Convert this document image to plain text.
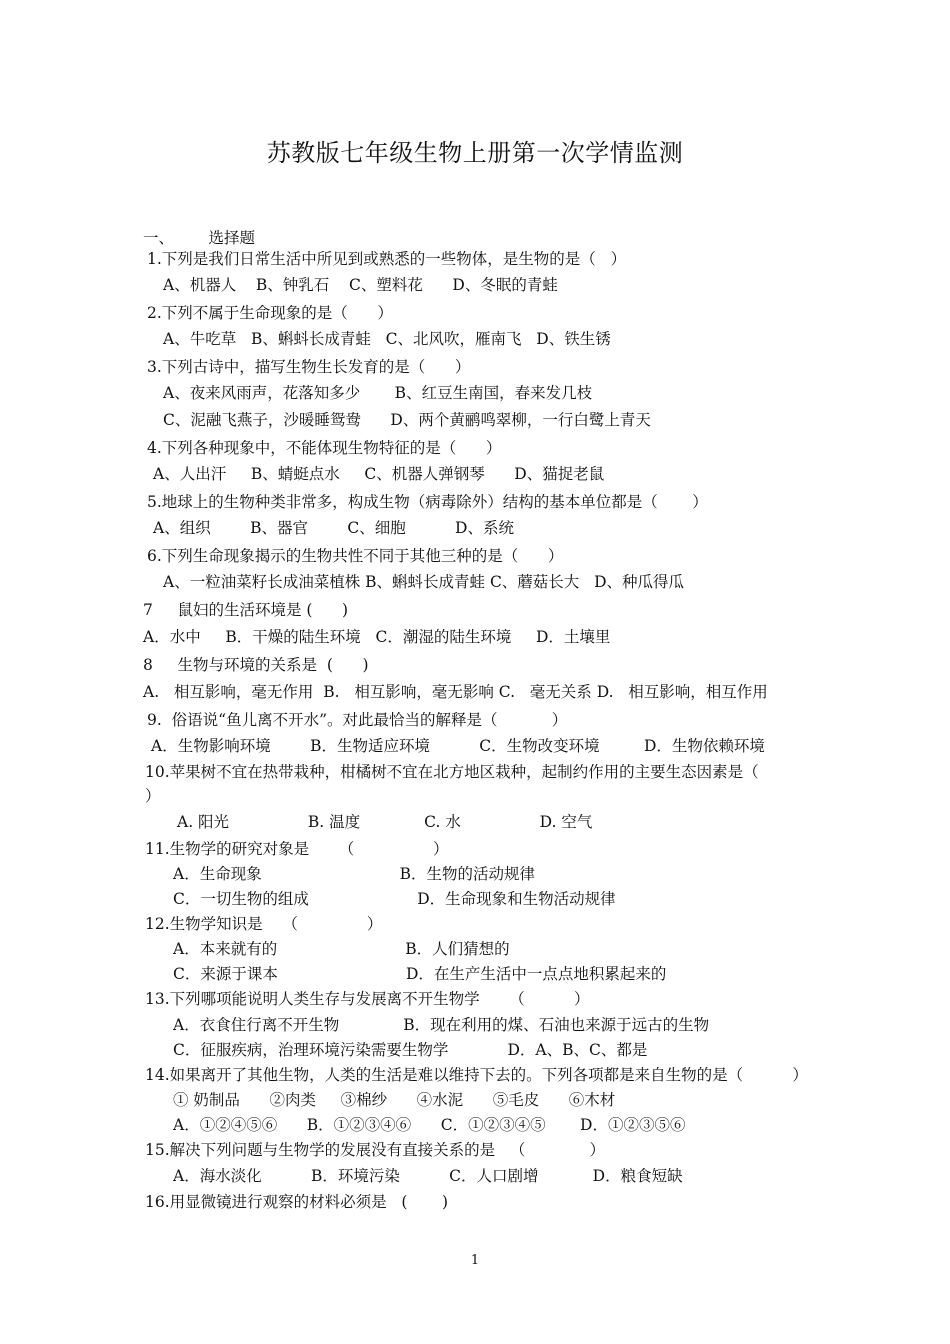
苏教版七年级生物上册第一次学情监测
一、       选择题
1.下列是我们日常生活中所见到或熟悉的一些物体，是生物的是（   ）
A、机器人    B、钟乳石    C、塑料花      D、冬眠的青蛙
2.下列不属于生命现象的是（      ）
A、牛吃草   B、蝌蚪长成青蛙   C、北风吹，雁南飞   D、铁生锈
3.下列古诗中，描写生物生长发育的是（      ）
A、夜来风雨声，花落知多少       B、红豆生南国，春来发几枝
C、泥融飞燕子，沙暖睡鸳鸯      D、两个黄鹂鸣翠柳，一行白鹭上青天
4.下列各种现象中，不能体现生物特征的是（      ）
A、人出汗     B、蜻蜓点水     C、机器人弹钢琴      D、猫捉老鼠
5.地球上的生物种类非常多，构成生物（病毒除外）结构的基本单位都是（       ）
A、组织        B、器官        C、细胞          D、系统
6.下列生命现象揭示的生物共性不同于其他三种的是（      ）
A、一粒油菜籽长成油菜植株 B、蝌蚪长成青蛙 C、蘑菇长大   D、种瓜得瓜
7     鼠妇的生活环境是 (      )
A．水中     B．干燥的陆生环境   C．潮湿的陆生环境     D．土壤里
8     生物与环境的关系是  (      )
A.   相互影响，毫无作用  B.   相互影响，毫无影响 C.   毫无关系 D.   相互影响，相互作用
9.  俗语说“鱼儿离不开水”。对此最恰当的解释是（           ）
A．生物影响环境        B．生物适应环境          C．生物改变环境         D．生物依赖环境
10.苹果树不宜在热带栽种，柑橘树不宜在北方地区栽种，起制约作用的主要生态因素是（
）
A. 阳光                B. 温度             C. 水                D. 空气
11.生物学的研究对象是      （                ）
A．生命现象                            B．生物的活动规律
C．一切生物的组成                      D．生命现象和生物活动规律
12.生物学知识是    （              ）
A．本来就有的                          B．人们猜想的
C．来源于课本                          D．在生产生活中一点点地积累起来的
13.下列哪项能说明人类生存与发展离不开生物学      （          ）
A．衣食住行离不开生物             B．现在利用的煤、石油也来源于远古的生物
C．征服疾病，治理环境污染需要生物学            D．A、B、C、都是
14.如果离开了其他生物，人类的生活是难以维持下去的。下列各项都是来自生物的是（          ）
① 奶制品      ②肉类     ③棉纱      ④水泥      ⑤毛皮      ⑥木材
A．①②④⑤⑥      B．①②③④⑥      C．①②③④⑤       D．①②③⑤⑥
15.解决下列问题与生物学的发展没有直接关系的是   （             ）
A．海水淡化          B．环境污染          C．人口剧增           D．粮食短缺
16.用显微镜进行观察的材料必须是   (       )
1
